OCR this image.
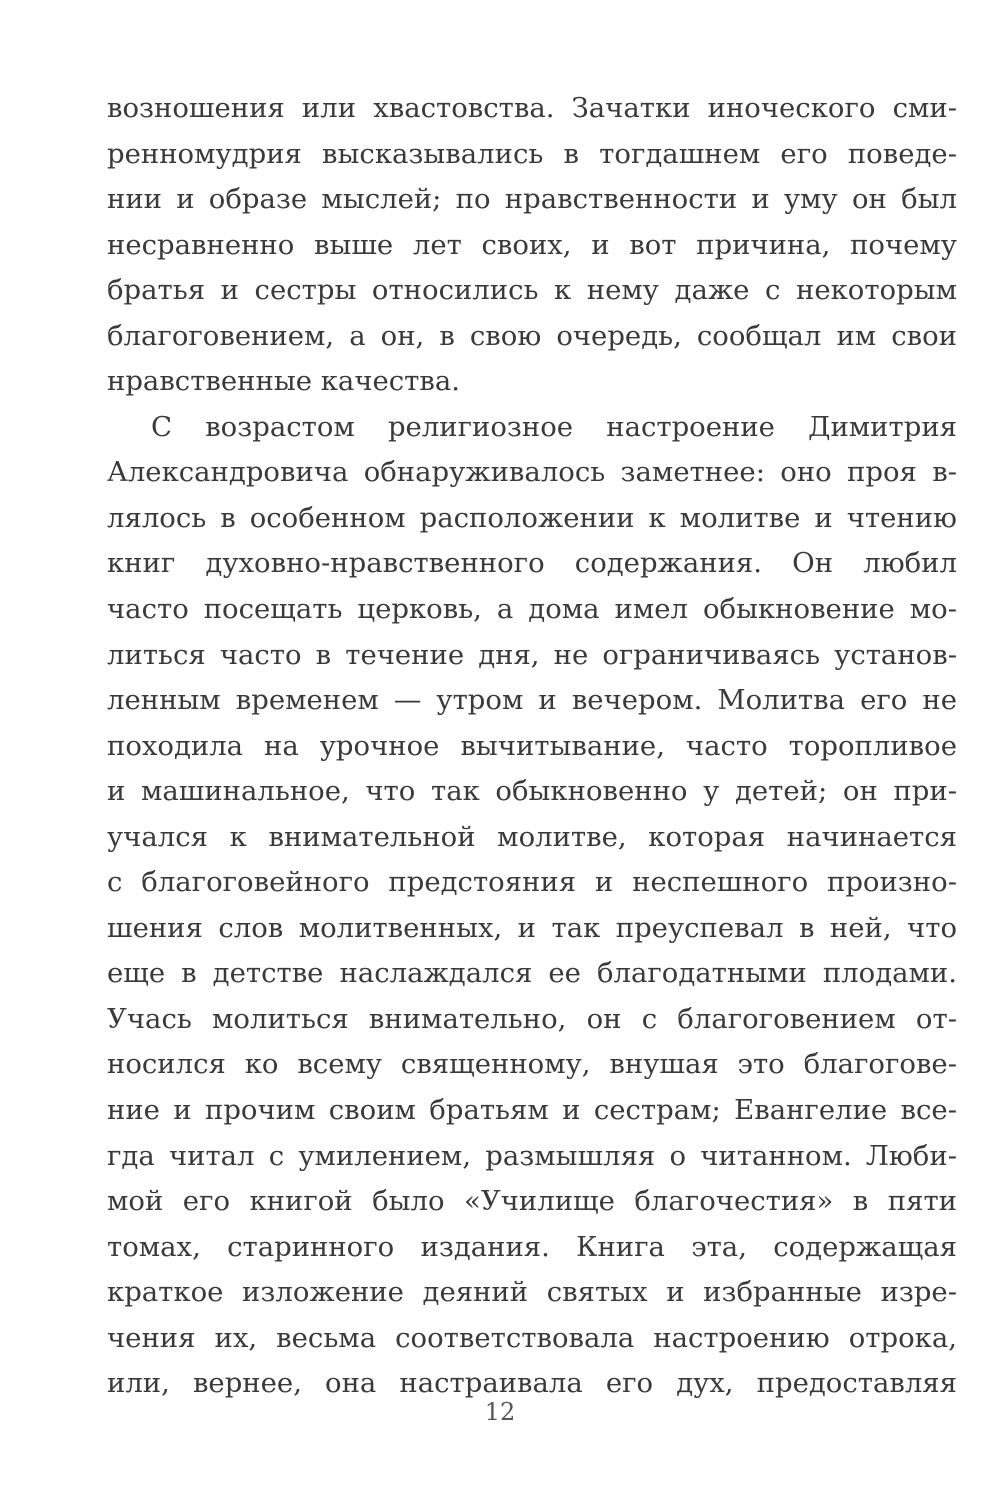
возношения или хвастовства. Зачатки иноческого сми-
ренномудрия высказывались в тогдашнем его поведе-
нии и образе мыслей; по нравственности и уму он был
несравненно выше лет своих, и вот причина, почему
братья и сестры относились к нему даже с некоторым
благоговением, а он, в свою очередь, сообщал им свои
нравственные качества.
С возрастом религиозное настроение Димитрия
Александровича обнаруживалось заметнее: оно проя в-
лялось в особенном расположении к молитве и чтению
книг духовно-нравственного содержания. Он любил
часто посещать церковь, а дома имел обыкновение мо-
литься часто в течение дня, не ограничиваясь установ-
ленным временем — утром и вечером. Молитва его не
походила на урочное вычитывание, часто торопливое
и машинальное, что так обыкновенно у детей; он при-
учался к внимательной молитве, которая начинается
с благоговейного предстояния и неспешного произно-
шения слов молитвенных, и так преуспевал в ней, что
еще в детстве наслаждался ее благодатными плодами.
Учась молиться внимательно, он с благоговением от-
носился ко всему священному, внушая это благогове-
ние и прочим своим братьям и сестрам; Евангелие все-
гда читал с умилением, размышляя о читанном. Люби-
мой его книгой было «Училище благочестия» в пяти
томах, старинного издания. Книга эта, содержащая
краткое изложение деяний святых и избранные изре-
чения их, весьма соответствовала настроению отрока,
или, вернее, она настраивала его дух, предоставляя
12
